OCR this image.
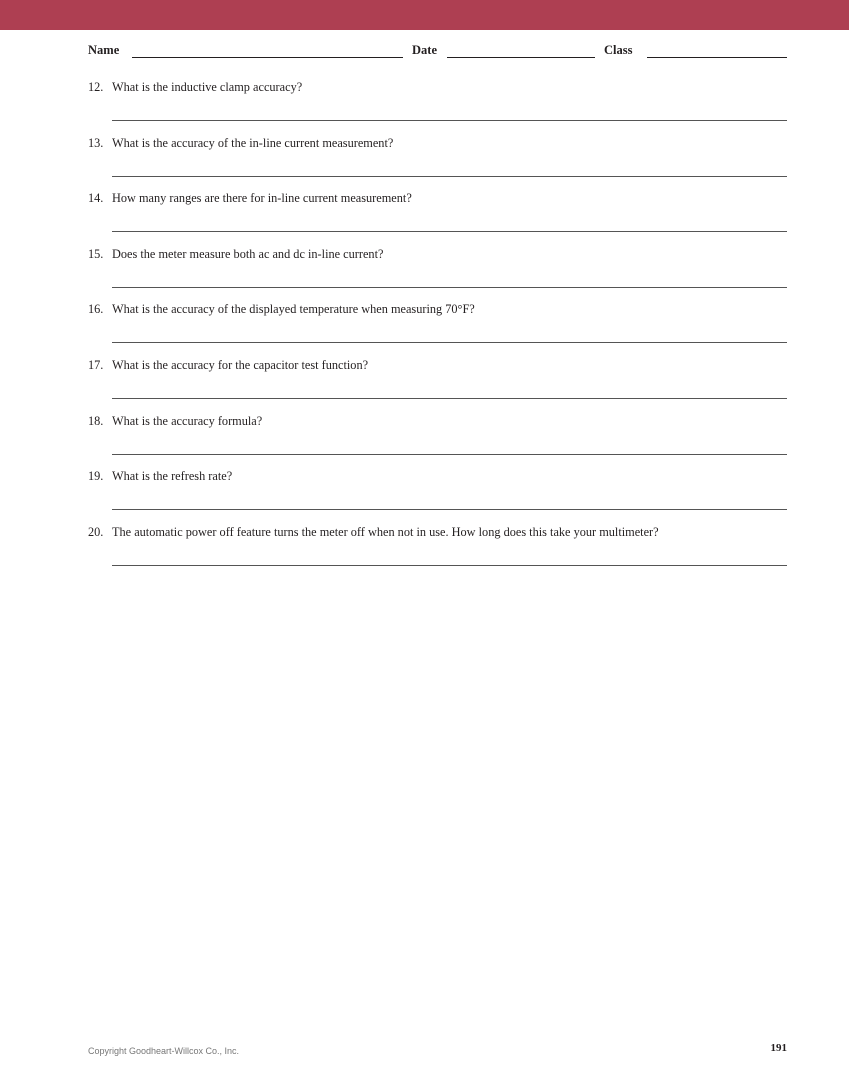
Name	Date	Class
12. What is the inductive clamp accuracy?
13. What is the accuracy of the in-line current measurement?
14. How many ranges are there for in-line current measurement?
15. Does the meter measure both ac and dc in-line current?
16. What is the accuracy of the displayed temperature when measuring 70°F?
17. What is the accuracy for the capacitor test function?
18. What is the accuracy formula?
19. What is the refresh rate?
20. The automatic power off feature turns the meter off when not in use. How long does this take your multimeter?
Copyright Goodheart-Willcox Co., Inc.	191
